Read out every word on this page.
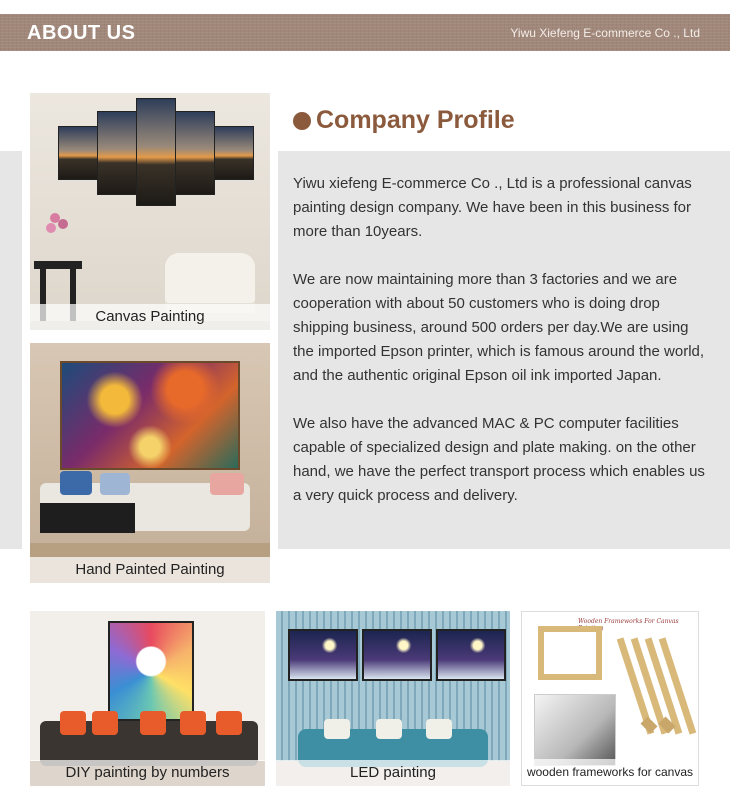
ABOUT US	Yiwu Xiefeng E-commerce Co ., Ltd
Company Profile

Yiwu xiefeng E-commerce Co ., Ltd is a professional canvas painting design company. We have been in this business for more than 10years.

We are now maintaining more than 3 factories and we are cooperation with about 50 customers who is doing drop shipping business, around 500 orders per day.We are using the imported Epson printer, which is famous around the world, and the authentic original Epson oil ink imported Japan.

We also have the advanced MAC & PC computer facilities capable of specialized design and plate making. on the other hand, we have the perfect transport process which enables us a very quick process and delivery.

Canvas Painting
Hand Painted Painting
DIY painting by numbers	LED painting
Wooden Frameworks For Canvas Painting
wooden frameworks for canvas
